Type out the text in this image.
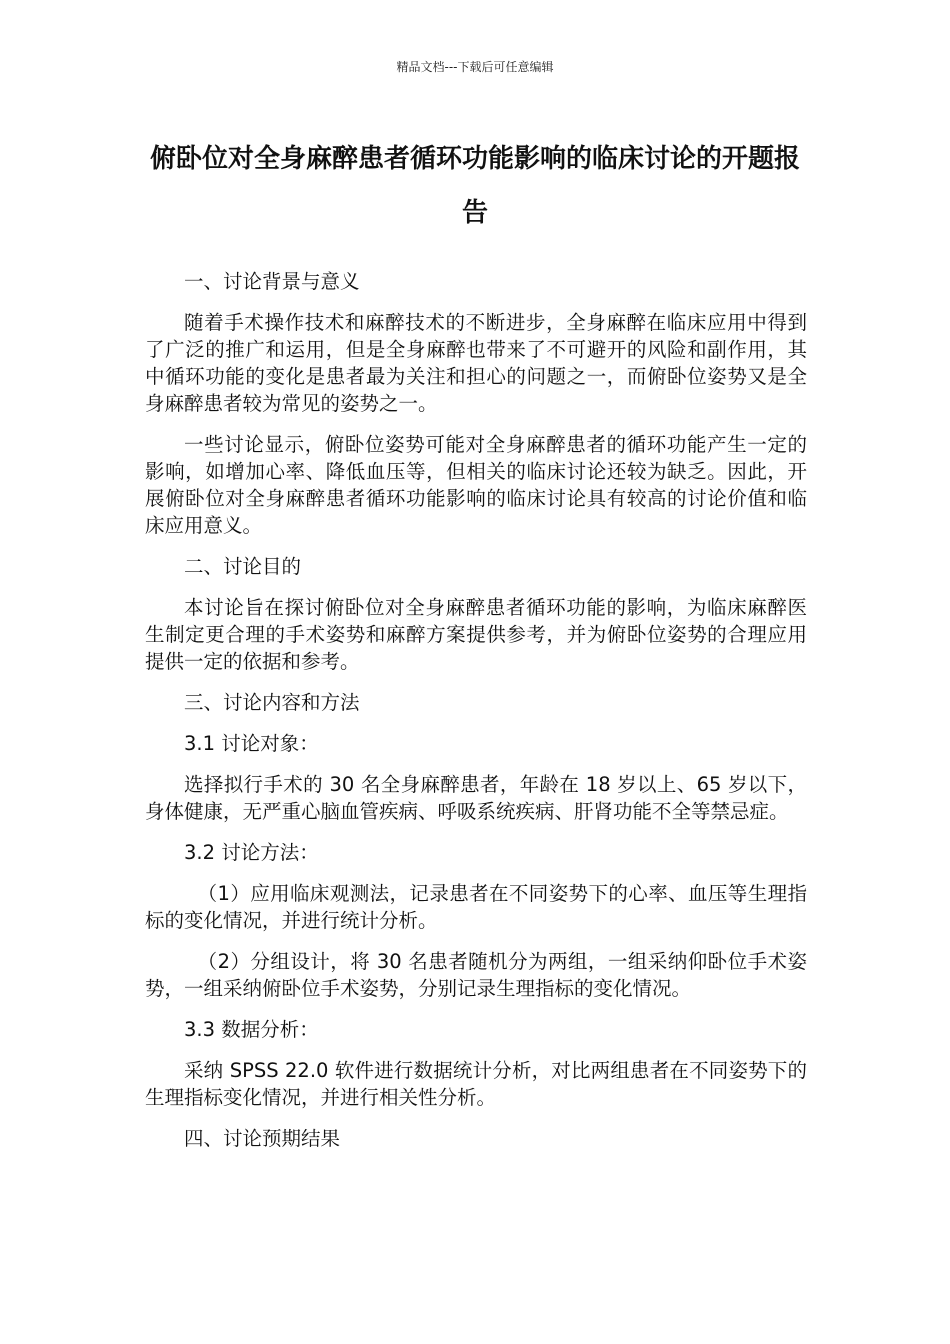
精品文档---下载后可任意编辑
俯卧位对全身麻醉患者循环功能影响的临床讨论的开题报告

一、讨论背景与意义

随着手术操作技术和麻醉技术的不断进步，全身麻醉在临床应用中得到了广泛的推广和运用，但是全身麻醉也带来了不可避开的风险和副作用，其中循环功能的变化是患者最为关注和担心的问题之一，而俯卧位姿势又是全身麻醉患者较为常见的姿势之一。

一些讨论显示，俯卧位姿势可能对全身麻醉患者的循环功能产生一定的影响，如增加心率、降低血压等，但相关的临床讨论还较为缺乏。因此，开展俯卧位对全身麻醉患者循环功能影响的临床讨论具有较高的讨论价值和临床应用意义。

二、讨论目的

本讨论旨在探讨俯卧位对全身麻醉患者循环功能的影响，为临床麻醉医生制定更合理的手术姿势和麻醉方案提供参考，并为俯卧位姿势的合理应用提供一定的依据和参考。

三、讨论内容和方法

3.1 讨论对象：

选择拟行手术的 30 名全身麻醉患者，年龄在 18 岁以上、65 岁以下，身体健康，无严重心脑血管疾病、呼吸系统疾病、肝肾功能不全等禁忌症。

3.2 讨论方法：

（1）应用临床观测法，记录患者在不同姿势下的心率、血压等生理指标的变化情况，并进行统计分析。

（2）分组设计，将 30 名患者随机分为两组，一组采纳仰卧位手术姿势，一组采纳俯卧位手术姿势，分别记录生理指标的变化情况。

3.3 数据分析：

采纳 SPSS 22.0 软件进行数据统计分析，对比两组患者在不同姿势下的生理指标变化情况，并进行相关性分析。

四、讨论预期结果
